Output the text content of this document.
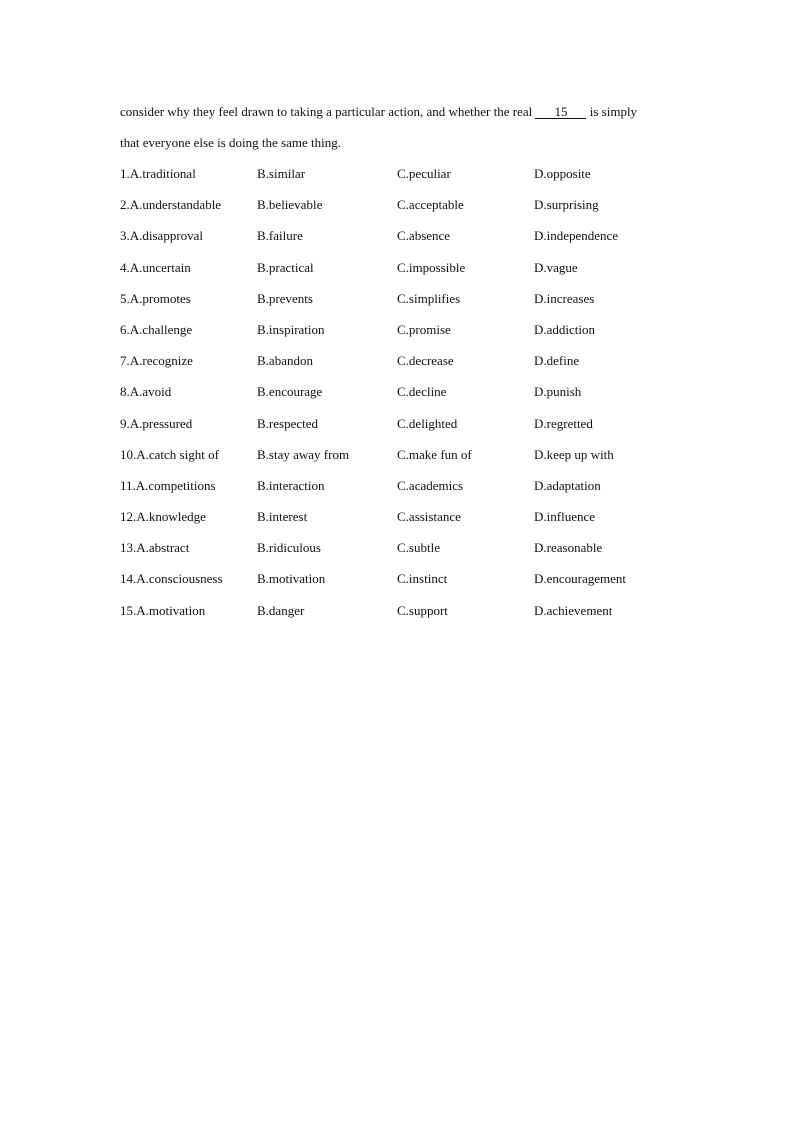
consider why they feel drawn to taking a particular action, and whether the real 15 is simply
that everyone else is doing the same thing.
1.A.traditional	B.similar	C.peculiar	D.opposite
2.A.understandable	B.believable	C.acceptable	D.surprising
3.A.disapproval	B.failure	C.absence	D.independence
4.A.uncertain	B.practical	C.impossible	D.vague
5.A.promotes	B.prevents	C.simplifies	D.increases
6.A.challenge	B.inspiration	C.promise	D.addiction
7.A.recognize	B.abandon	C.decrease	D.define
8.A.avoid	B.encourage	C.decline	D.punish
9.A.pressured	B.respected	C.delighted	D.regretted
10.A.catch sight of	B.stay away from	C.make fun of	D.keep up with
11.A.competitions	B.interaction	C.academics	D.adaptation
12.A.knowledge	B.interest	C.assistance	D.influence
13.A.abstract	B.ridiculous	C.subtle	D.reasonable
14.A.consciousness	B.motivation	C.instinct	D.encouragement
15.A.motivation	B.danger	C.support	D.achievement
